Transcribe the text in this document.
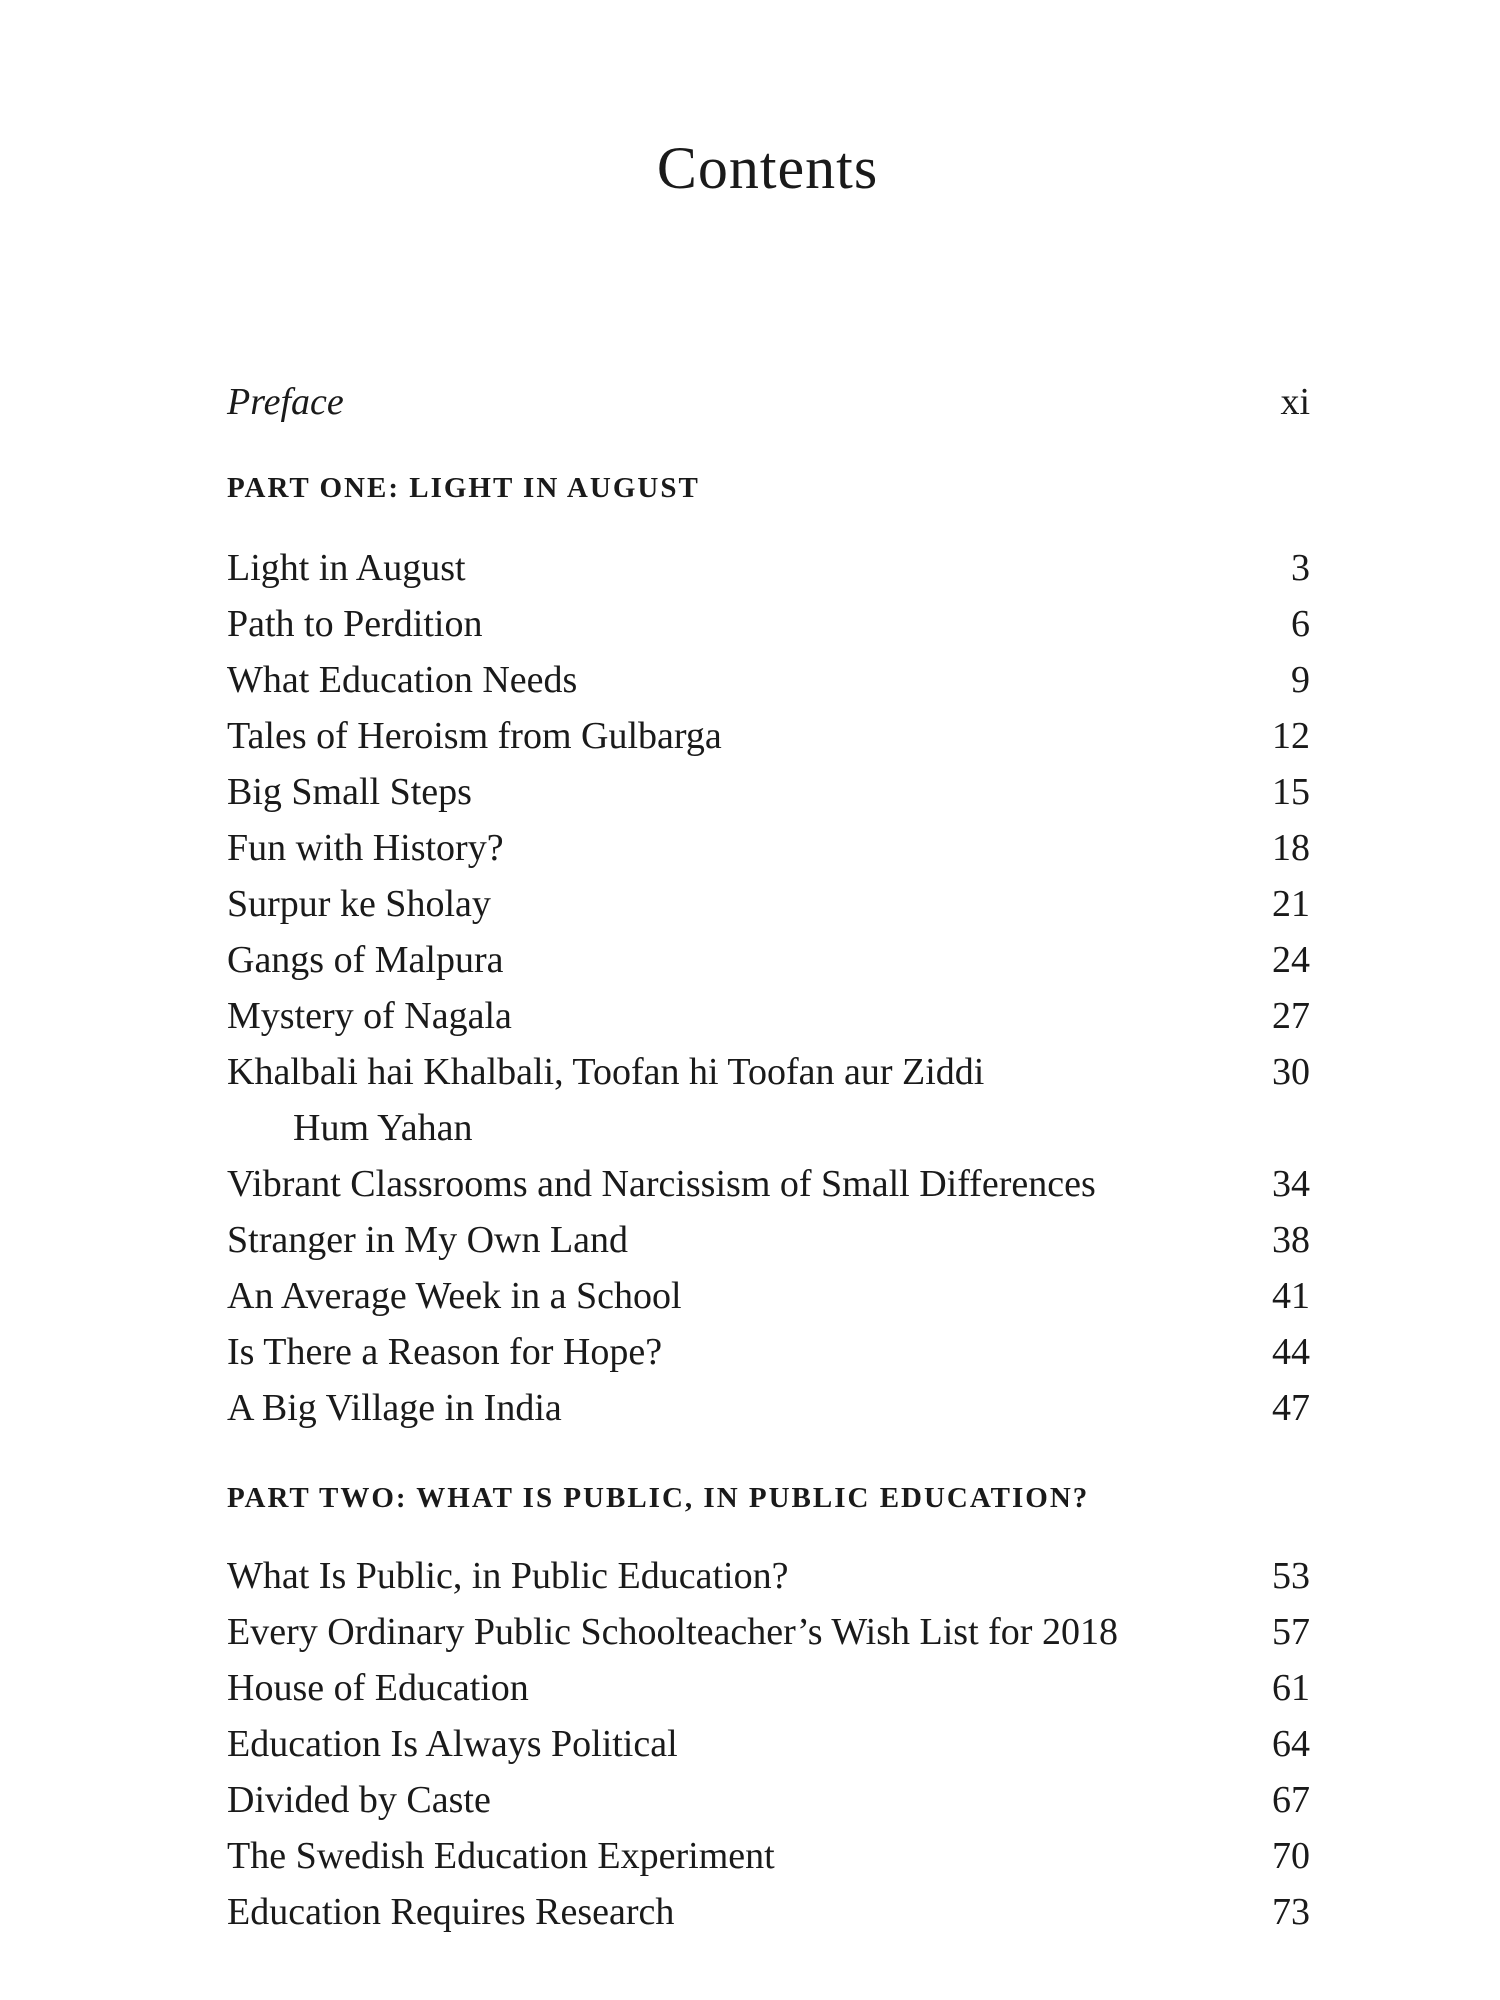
Contents
Preface	xi
PART ONE: LIGHT IN AUGUST
Light in August	3
Path to Perdition	6
What Education Needs	9
Tales of Heroism from Gulbarga	12
Big Small Steps	15
Fun with History?	18
Surpur ke Sholay	21
Gangs of Malpura	24
Mystery of Nagala	27
Khalbali hai Khalbali, Toofan hi Toofan aur Ziddi	30
Hum Yahan
Vibrant Classrooms and Narcissism of Small Differences	34
Stranger in My Own Land	38
An Average Week in a School	41
Is There a Reason for Hope?	44
A Big Village in India	47
PART TWO: WHAT IS PUBLIC, IN PUBLIC EDUCATION?
What Is Public, in Public Education?	53
Every Ordinary Public Schoolteacher’s Wish List for 2018	57
House of Education	61
Education Is Always Political	64
Divided by Caste	67
The Swedish Education Experiment	70
Education Requires Research	73
